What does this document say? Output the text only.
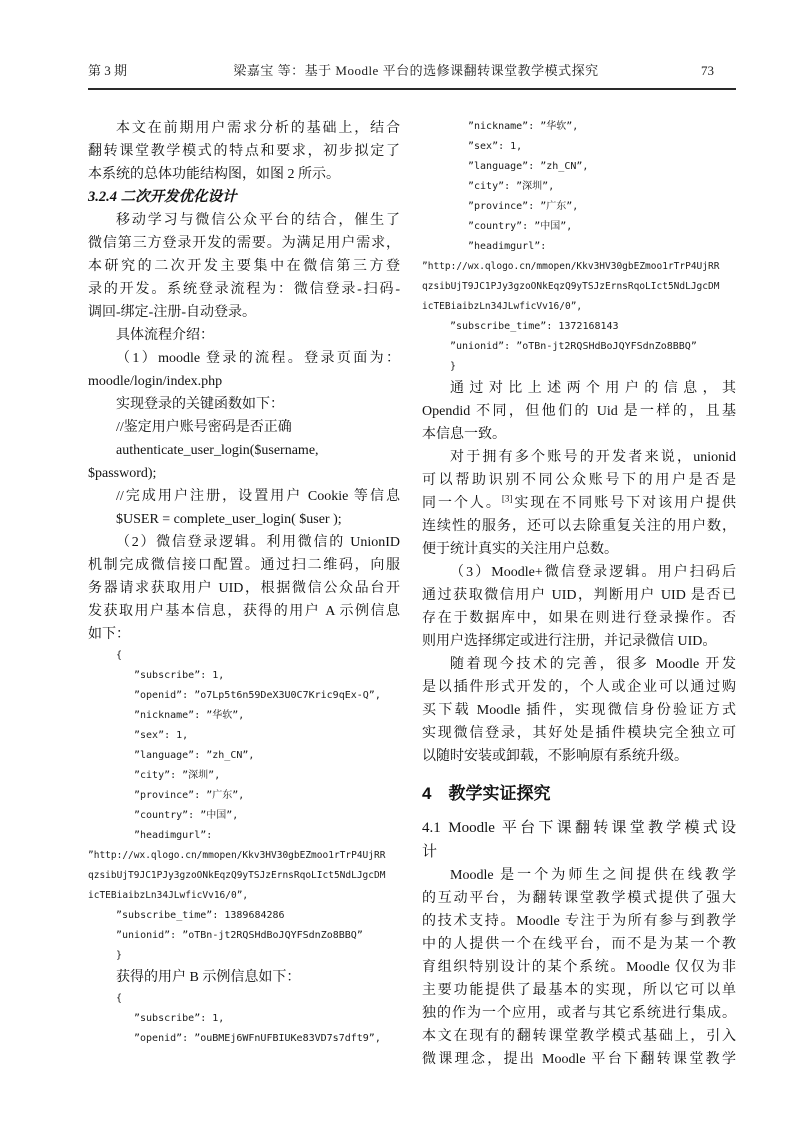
第 3 期	梁嘉宝 等：基于 Moodle 平台的选修课翻转课堂教学模式探究	73
本文在前期用户需求分析的基础上，结合
翻转课堂教学模式的特点和要求，初步拟定了
本系统的总体功能结构图，如图 2 所示。
3.2.4 二次开发优化设计
移动学习与微信公众平台的结合，催生了
微信第三方登录开发的需要。为满足用户需求，
本研究的二次开发主要集中在微信第三方登
录的开发。系统登录流程为：微信登录-扫码-
调回-绑定-注册-自动登录。
具体流程介绍：
（1）moodle 登录的流程。登录页面为：
moodle/login/index.php
实现登录的关键函数如下：
//鉴定用户账号密码是否正确
authenticate_user_login($username,
$password);
//完成用户注册，设置用户 Cookie 等信息
$USER = complete_user_login( $user );
（2）微信登录逻辑。利用微信的 UnionID
机制完成微信接口配置。通过扫二维码，向服
务器请求获取用户 UID，根据微信公众品台开
发获取用户基本信息，获得的用户 A 示例信息
如下：
{
”subscribe”: 1,
”openid”: ”o7Lp5t6n59DeX3U0C7Kric9qEx-Q”,
”nickname”: ”华软”,
”sex”: 1,
”language”: ”zh_CN”,
”city”: ”深圳”,
”province”: ”广东”,
”country”: ”中国”,
”headimgurl”:
”http://wx.qlogo.cn/mmopen/Kkv3HV30gbEZmoo1rTrP4UjRR
qzsibUjT9JC1PJy3gzoONkEqzQ9yTSJzErnsRqoLIct5NdLJgcDM
icTEBiaibzLn34JLwficVv16/0”,
”subscribe_time”: 1389684286
”unionid”: ”oTBn-jt2RQSHdBoJQYFSdnZo8BBQ”
}
获得的用户 B 示例信息如下：
{
”subscribe”: 1,
”openid”: ”ouBMEj6WFnUFBIUKe83VD7s7dft9”,
”nickname”: ”华软”,
”sex”: 1,
”language”: ”zh_CN”,
”city”: ”深圳”,
”province”: ”广东”,
”country”: ”中国”,
”headimgurl”:
”http://wx.qlogo.cn/mmopen/Kkv3HV30gbEZmoo1rTrP4UjRR
qzsibUjT9JC1PJy3gzoONkEqzQ9yTSJzErnsRqoLIct5NdLJgcDM
icTEBiaibzLn34JLwficVv16/0”,
”subscribe_time”: 1372168143
”unionid”: ”oTBn-jt2RQSHdBoJQYFSdnZo8BBQ”
}
通过对比上述两个用户的信息，其
Opendid 不同，但他们的 Uid 是一样的，且基
本信息一致。
对于拥有多个账号的开发者来说，unionid
可以帮助识别不同公众账号下的用户是否是
同一个人。[3]实现在不同账号下对该用户提供
连续性的服务，还可以去除重复关注的用户数，
便于统计真实的关注用户总数。
（3）Moodle+微信登录逻辑。用户扫码后
通过获取微信用户 UID，判断用户 UID 是否已
存在于数据库中，如果在则进行登录操作。否
则用户选择绑定或进行注册，并记录微信 UID。
随着现今技术的完善，很多 Moodle 开发
是以插件形式开发的，个人或企业可以通过购
买下载 Moodle 插件，实现微信身份验证方式
实现微信登录，其好处是插件模块完全独立可
以随时安装或卸载，不影响原有系统升级。
4 教学实证探究
4.1 Moodle 平台下课翻转课堂教学模式设
计
Moodle 是一个为师生之间提供在线教学
的互动平台，为翻转课堂教学模式提供了强大
的技术支持。Moodle 专注于为所有参与到教学
中的人提供一个在线平台，而不是为某一个教
育组织特别设计的某个系统。Moodle 仅仅为非
主要功能提供了最基本的实现，所以它可以单
独的作为一个应用，或者与其它系统进行集成。
本文在现有的翻转课堂教学模式基础上，引入
微课理念，提出 Moodle 平台下翻转课堂教学
